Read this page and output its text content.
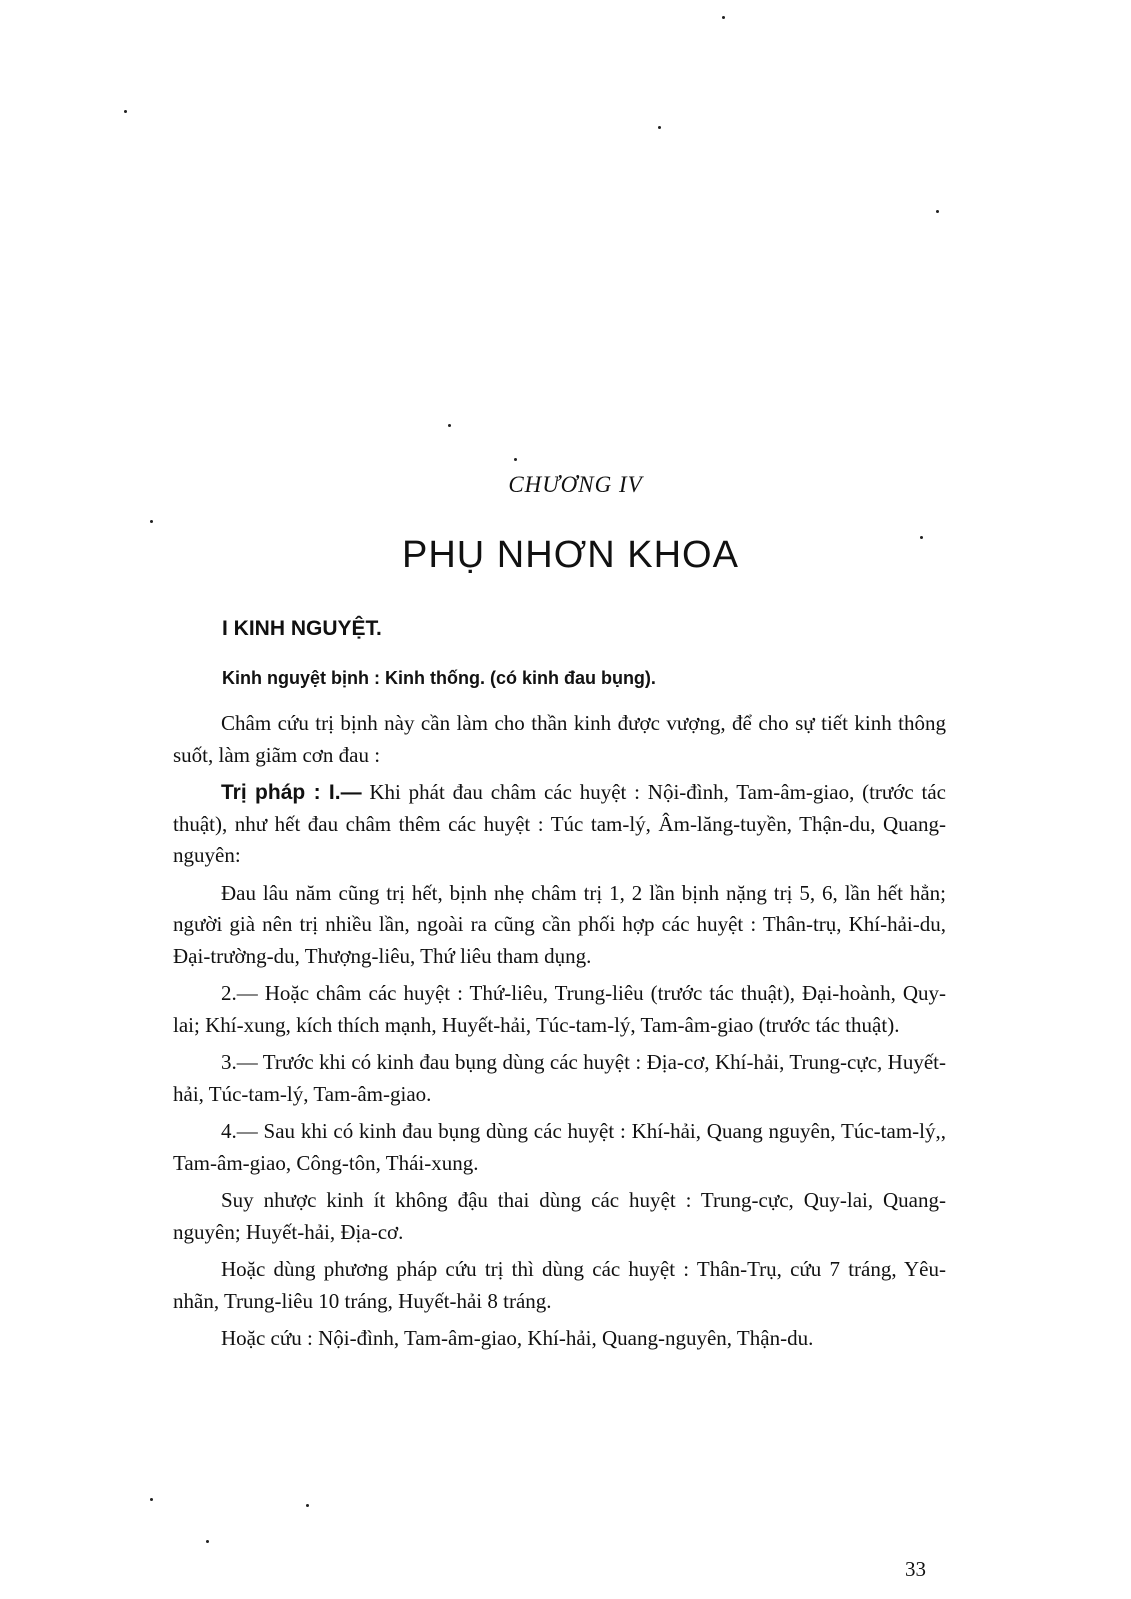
CHƯƠNG IV
PHỤ NHƠN KHOA
I KINH NGUYỆT.
Kinh nguyệt bịnh : Kinh thống. (có kinh đau bụng).

Châm cứu trị bịnh này cần làm cho thần kinh được vượng, để cho sự tiết kinh thông suốt, làm giãm cơn đau :

Trị pháp : I.— Khi phát đau châm các huyệt : Nội-đình, Tam-âm-giao, (trước tác thuật), như hết đau châm thêm các huyệt : Túc tam-lý, Âm-lăng-tuyền, Thận-du, Quang-nguyên:

Đau lâu năm cũng trị hết, bịnh nhẹ châm trị 1, 2 lần bịnh nặng trị 5, 6, lần hết hẳn; người già nên trị nhiều lần, ngoài ra cũng cần phối hợp các huyệt : Thân-trụ, Khí-hải-du, Đại-trường-du, Thượng-liêu, Thứ liêu tham dụng.

2.— Hoặc châm các huyệt : Thứ-liêu, Trung-liêu (trước tác thuật), Đại-hoành, Quy-lai; Khí-xung, kích thích mạnh, Huyết-hải, Túc-tam-lý, Tam-âm-giao (trước tác thuật).

3.— Trước khi có kinh đau bụng dùng các huyệt : Địa-cơ, Khí-hải, Trung-cực, Huyết-hải, Túc-tam-lý, Tam-âm-giao.

4.— Sau khi có kinh đau bụng dùng các huyệt : Khí-hải, Quang nguyên, Túc-tam-lý,, Tam-âm-giao, Công-tôn, Thái-xung.

Suy nhược kinh ít không đậu thai dùng các huyệt : Trung-cực, Quy-lai, Quang-nguyên; Huyết-hải, Địa-cơ.

Hoặc dùng phương pháp cứu trị thì dùng các huyệt : Thân-Trụ, cứu 7 tráng, Yêu-nhãn, Trung-liêu 10 tráng, Huyết-hải 8 tráng.

Hoặc cứu : Nội-đình, Tam-âm-giao, Khí-hải, Quang-nguyên, Thận-du.

33
